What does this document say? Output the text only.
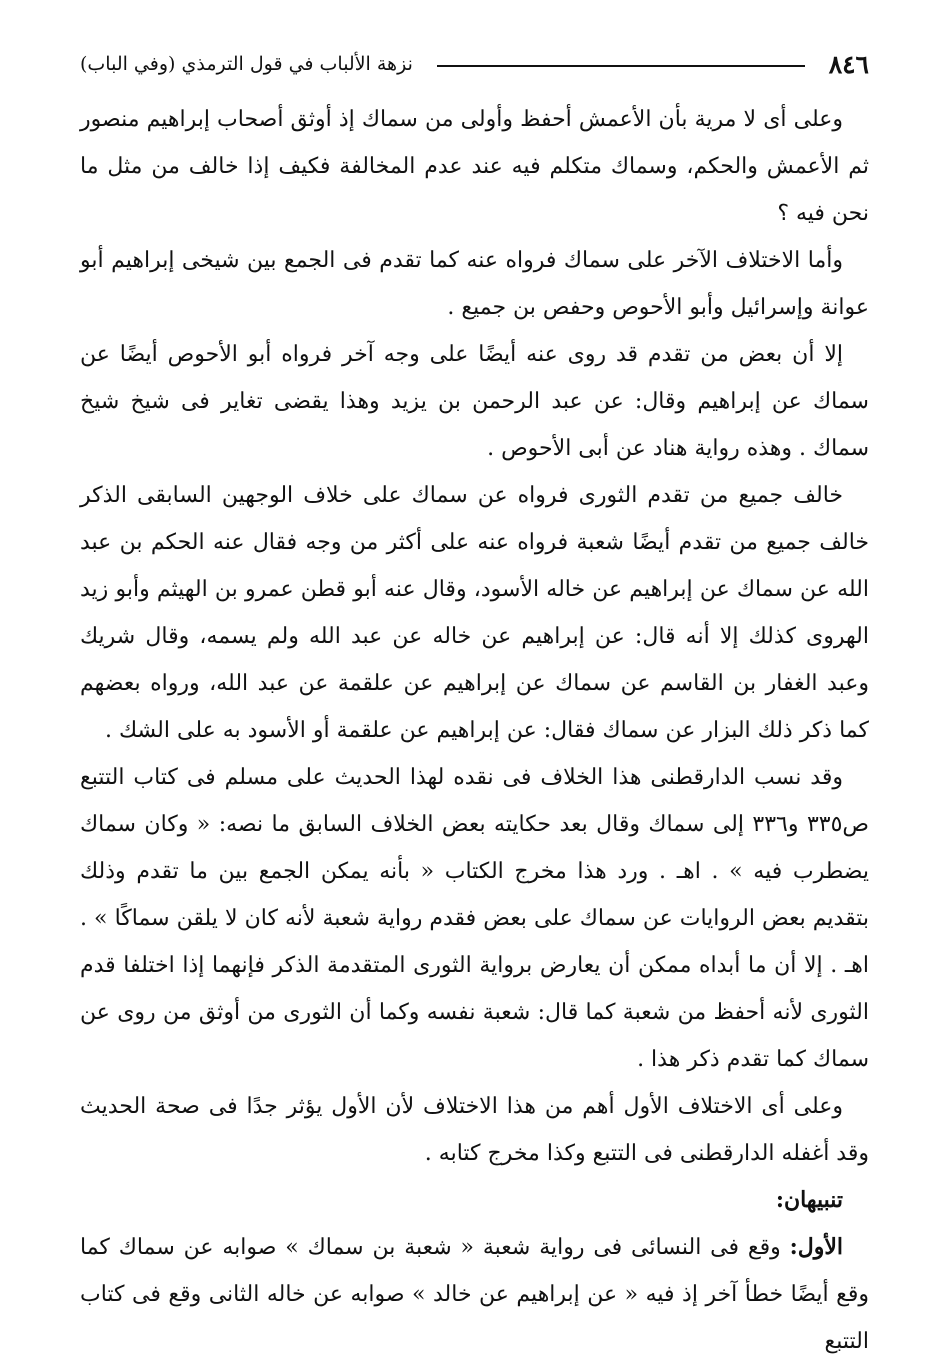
٨٤٦
نزهة الألباب في قول الترمذي (وفي الباب)

وعلى أى لا مرية بأن الأعمش أحفظ وأولى من سماك إذ أوثق أصحاب إبراهيم منصور ثم الأعمش والحكم، وسماك متكلم فيه عند عدم المخالفة فكيف إذا خالف من مثل ما نحن فيه ؟

وأما الاختلاف الآخر على سماك فرواه عنه كما تقدم فى الجمع بين شيخى إبراهيم أبو عوانة وإسرائيل وأبو الأحوص وحفص بن جميع .

إلا أن بعض من تقدم قد روى عنه أيضًا على وجه آخر فرواه أبو الأحوص أيضًا عن سماك عن إبراهيم وقال: عن عبد الرحمن بن يزيد وهذا يقضى تغاير فى شيخ شيخ سماك . وهذه رواية هناد عن أبى الأحوص .

خالف جميع من تقدم الثورى فرواه عن سماك على خلاف الوجهين السابقى الذكر خالف جميع من تقدم أيضًا شعبة فرواه عنه على أكثر من وجه فقال عنه الحكم بن عبد الله عن سماك عن إبراهيم عن خاله الأسود، وقال عنه أبو قطن عمرو بن الهيثم وأبو زيد الهروى كذلك إلا أنه قال: عن إبراهيم عن خاله عن عبد الله ولم يسمه، وقال شريك وعبد الغفار بن القاسم عن سماك عن إبراهيم عن علقمة عن عبد الله، ورواه بعضهم كما ذكر ذلك البزار عن سماك فقال: عن إبراهيم عن علقمة أو الأسود به على الشك .

وقد نسب الدارقطنى هذا الخلاف فى نقده لهذا الحديث على مسلم فى كتاب التتبع ص٣٣٥ و٣٣٦ إلى سماك وقال بعد حكايته بعض الخلاف السابق ما نصه: « وكان سماك يضطرب فيه » . اهـ . ورد هذا مخرج الكتاب « بأنه يمكن الجمع بين ما تقدم وذلك بتقديم بعض الروايات عن سماك على بعض فقدم رواية شعبة لأنه كان لا يلقن سماكًا » . اهـ . إلا أن ما أبداه ممكن أن يعارض برواية الثورى المتقدمة الذكر فإنهما إذا اختلفا قدم الثورى لأنه أحفظ من شعبة كما قال: شعبة نفسه وكما أن الثورى من أوثق من روى عن سماك كما تقدم ذكر هذا .

وعلى أى الاختلاف الأول أهم من هذا الاختلاف لأن الأول يؤثر جدًا فى صحة الحديث وقد أغفله الدارقطنى فى التتبع وكذا مخرج كتابه .

تنبيهان:

الأول: وقع فى النسائى فى رواية شعبة « شعبة بن سماك » صوابه عن سماك كما وقع أيضًا خطأ آخر إذ فيه « عن إبراهيم عن خالد » صوابه عن خاله الثانى وقع فى كتاب التتبع
